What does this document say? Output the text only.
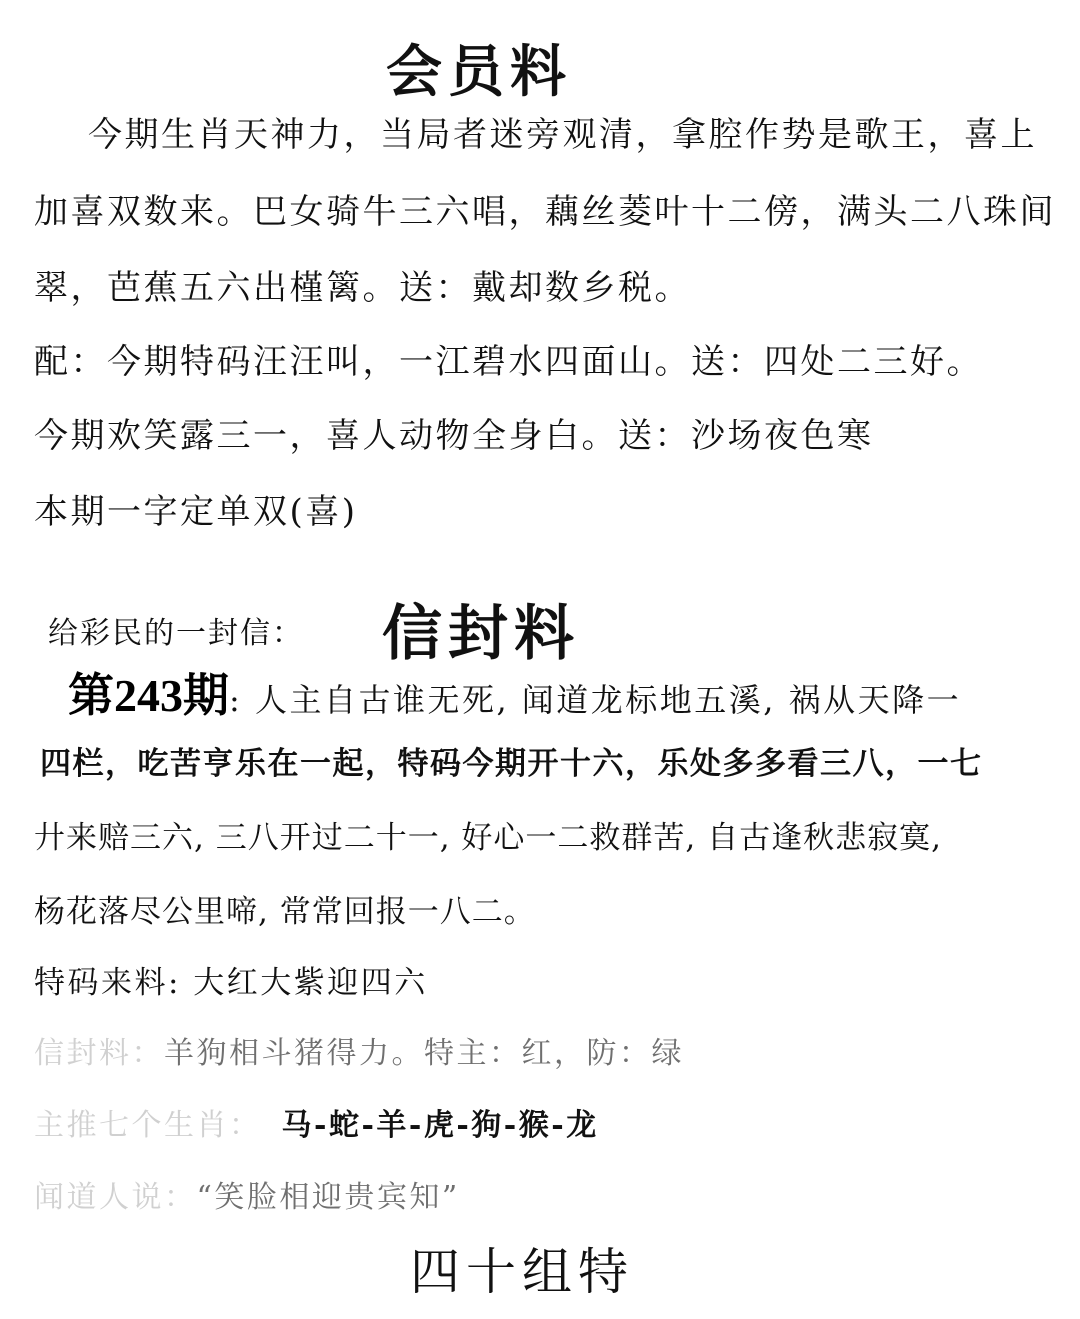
会员料
今期生肖天神力，当局者迷旁观清，拿腔作势是歌王，喜上
加喜双数来。巴女骑牛三六唱，藕丝菱叶十二傍，满头二八珠间
翠，芭蕉五六出槿篱。送：戴却数乡税。
配：今期特码汪汪叫，一江碧水四面山。送：四处二三好。
今期欢笑露三一，喜人动物全身白。送：沙场夜色寒
本期一字定单双(喜)
给彩民的一封信： 信封料
第243期: 人主自古谁无死, 闻道龙标地五溪, 祸从天降一
四栏，吃苦亨乐在一起，特码今期开十六，乐处多多看三八，一七
廾来赔三六, 三八开过二十一, 好心一二救群苦, 自古逢秋悲寂寞,
杨花落尽公里啼, 常常回报一八二。
特码来料: 大红大紫迎四六
信封料：羊狗相斗猪得力。特主：红，防：绿
主推七个生肖： 马-蛇-羊-虎-狗-猴-龙
闻道人说：“笑脸相迎贵宾知”
四十组特
